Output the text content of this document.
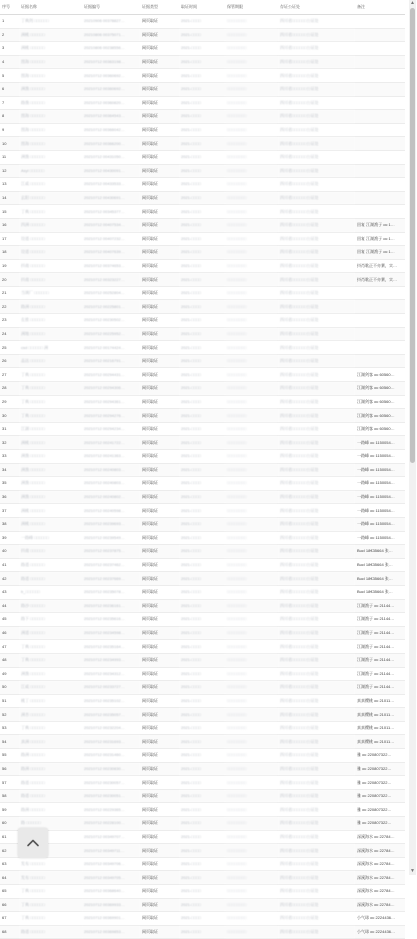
序号	证据名称	证据编号	证据类型	取证时间	保管期限	存证公证处	备注
1	丁典剑 □□□□□□	20210906 00378827…	网页取证	2021-□□□□	□□□□□□□□	四川省□□□□□□公证处	
2	洲桃 □□□□□□	20210806 00375071…	网页取证	2021-□□□□	□□□□□□□□	四川省□□□□□□公证处	
3	洲桃 □□□□□□	20210806 00238556…	网页取证	2021-□□□□	□□□□□□□□	四川省□□□□□□公证处	
4	图海 □□□□□□	20210712 00363198…	网页取证	2021-□□□□	□□□□□□□□	四川省□□□□□□公证处	
5	图海 □□□□□□	20210712 00360692…	网页取证	2021-□□□□	□□□□□□□□	四川省□□□□□□公证处	
6	洲渔 □□□□□□	20210712 00360692…	网页取证	2021-□□□□	□□□□□□□□	四川省□□□□□□公证处	
7	路渔 □□□□□□	20210712 00360820…	网页取证	2021-□□□□	□□□□□□□□	四川省□□□□□□公证处	
8	图海 □□□□□□	20210712 00364543…	网页取证	2021-□□□□	□□□□□□□□	四川省□□□□□□公证处	
9	图海 □□□□□□	20210712 00366042…	网页取证	2021-□□□□	□□□□□□□□	四川省□□□□□□公证处	
10	图海 □□□□□□	20210712 00366200…	网页取证	2021-□□□□	□□□□□□□□	四川省□□□□□□公证处	
11	洲渔 □□□□□□	20210712 00431050…	网页取证	2021-□□□□	□□□□□□□□	四川省□□□□□□公证处	
12	Asyl □□□□□□	20210712 00430091…	网页取证	2021-□□□□	□□□□□□□□	四川省□□□□□□公证处	
13	江咸 □□□□□□	20210712 00433533…	网页取证	2021-□□□□	□□□□□□□□	四川省□□□□□□公证处	
14	玄阳 □□□□□□	20210712 00430691…	网页取证	2021-□□□□	□□□□□□□□	四川省□□□□□□公证处	
15	丁典 □□□□□□	20210712 00345377…	网页取证	2021-□□□□	□□□□□□□□	四川省□□□□□□公证处	
16	四洲 □□□□□□	20210712 00407534…	网页取证	2021-□□□□	□□□□□□□□	四川省□□□□□□公证处	回复 江湖渔子 oc 1…
17	设道 □□□□□□	20210712 00407232…	网页取证	2021-□□□□	□□□□□□□□	四川省□□□□□□公证处	回复 江湖渔子 oc 1…
18	设道 □□□□□□	20210712 00407639…	网页取证	2021-□□□□	□□□□□□□□	四川省□□□□□□公证处	回复 江湖渔子 oc 1…
19	抖商 □□□□□□	20210712 00374653…	网页取证	2021-□□□□	□□□□□□□□	四川省□□□□□□公证处	抖肖歌正不亦赛，实…
20	抖商 □□□□□□	20210712 00323227…	网页取证	2021-□□□□	□□□□□□□□	四川省□□□□□□公证处	抖肖歌正不亦赛，实…
21	当调厂 □□□□□□	20210712 00252804…	网页取证	2021-□□□□	□□□□□□□□	四川省□□□□□□公证处	
22	路洲 □□□□□□	20210712 00225801…	网页取证	2021-□□□□	□□□□□□□□	四川省□□□□□□公证处	
23	在推 □□□□□□	20210712 00230502…	网页取证	2021-□□□□	□□□□□□□□	四川省□□□□□□公证处	
24	洲地 □□□□□□	20210712 00225952…	网页取证	2021-□□□□	□□□□□□□□	四川省□□□□□□公证处	
25	csd □□□□□□ 洲	20210712 00174424…	网页取证	2021-□□□□	□□□□□□□□	四川省□□□□□□公证处	
26	品达 □□□□□□	20210712 00216791…	网页取证	2021-□□□□	□□□□□□□□	四川省□□□□□□公证处	
27	丁典 □□□□□□	20210712 00294431…	网页取证	2021-□□□□	□□□□□□□□	四川省□□□□□□公证处	江湖剑客 oc 60560…
28	丁典 □□□□□□	20210712 00294306…	网页取证	2021-□□□□	□□□□□□□□	四川省□□□□□□公证处	江湖剑客 oc 60560…
29	丁典 □□□□□□	20210712 00294361…	网页取证	2021-□□□□	□□□□□□□□	四川省□□□□□□公证处	江湖剑客 oc 60560…
30	丁典 □□□□□□	20210712 00294276…	网页取证	2021-□□□□	□□□□□□□□	四川省□□□□□□公证处	江湖剑客 oc 60560…
31	江湖 □□□□□□	20210712 00294234…	网页取证	2021-□□□□	□□□□□□□□	四川省□□□□□□公证处	江湖剑客 oc 60560…
32	洲桃 □□□□□□	20210712 00241722…	网页取证	2021-□□□□	□□□□□□□□	四川省□□□□□□公证处	一路峰 oc 1150054…
33	洲渔 □□□□□□	20210712 00241363…	网页取证	2021-□□□□	□□□□□□□□	四川省□□□□□□公证处	一路峰 oc 1150054…
34	洲渔 □□□□□□	20210712 00240803…	网页取证	2021-□□□□	□□□□□□□□	四川省□□□□□□公证处	一路峰 oc 1150054…
35	洲渔 □□□□□□	20210712 00240803…	网页取证	2021-□□□□	□□□□□□□□	四川省□□□□□□公证处	一路峰 oc 1150054…
36	洲渔 □□□□□□	20210712 00240802…	网页取证	2021-□□□□	□□□□□□□□	四川省□□□□□□公证处	一路峰 oc 1150054…
37	洲桃 □□□□□□	20210712 00240598…	网页取证	2021-□□□□	□□□□□□□□	四川省□□□□□□公证处	一路峰 oc 1150054…
38	洲桃 □□□□□□	20210712 00239693…	网页取证	2021-□□□□	□□□□□□□□	四川省□□□□□□公证处	一路峰 oc 1150054…
39	一路峰 □□□□□□	20210712 00239549…	网页取证	2021-□□□□	□□□□□□□□	四川省□□□□□□公证处	一路峰 oc 1150054…
40	抖商 □□□□□□	20210712 00237875…	网页取证	2021-□□□□	□□□□□□□□	四川省□□□□□□公证处	Bucl 18€35664 张…
41	路道 □□□□□□	20210712 00237462…	网页取证	2021-□□□□	□□□□□□□□	四川省□□□□□□公证处	Bucl 18€35664 张…
42	路道 □□□□□□	20210712 00237669…	网页取证	2021-□□□□	□□□□□□□□	四川省□□□□□□公证处	Bucl 18€35664 张…
43	b_□□□□□□	20210712 00235078…	网页取证	2021-□□□□	□□□□□□□□	四川省□□□□□□公证处	Bucl 18€35664 张…
44	路沙 □□□□□□	20210712 00236161…	网页取证	2021-□□□□	□□□□□□□□	四川省□□□□□□公证处	江湖渔子 oc 21144…
45	路下 □□□□□□	20210712 00235616…	网页取证	2021-□□□□	□□□□□□□□	四川省□□□□□□公证处	江湖渔子 oc 21144…
46	洲道 □□□□□□	20210712 00234598…	网页取证	2021-□□□□	□□□□□□□□	四川省□□□□□□公证处	江湖渔子 oc 21144…
47	丁典 □□□□□□	20210712 00235164…	网页取证	2021-□□□□	□□□□□□□□	四川省□□□□□□公证处	江湖渔子 oc 21144…
48	丁典 □□□□□□	20210712 00234993…	网页取证	2021-□□□□	□□□□□□□□	四川省□□□□□□公证处	江湖渔子 oc 21144…
49	洲渔 □□□□□□	20210712 00234312…	网页取证	2021-□□□□	□□□□□□□□	四川省□□□□□□公证处	江湖渔子 oc 21144…
50	江咸 □□□□□□	20210712 00233727…	网页取证	2021-□□□□	□□□□□□□□	四川省□□□□□□公证处	江湖渔子 oc 21144…
51	桃丁 □□□□□□	20210712 00235102…	网页取证	2021-□□□□	□□□□□□□□	四川省□□□□□□公证处	真真樱桃 oc 21011…
52	洲杏 □□□□□□	20210712 00235057…	网页取证	2021-□□□□	□□□□□□□□	四川省□□□□□□公证处	真真樱桃 oc 21011…
53	丁典 □□□□□□	20210712 00232204…	网页取证	2021-□□□□	□□□□□□□□	四川省□□□□□□公证处	真真樱桃 oc 21011…
54	真洲 □□□□□□	20210712 00231693…	网页取证	2021-□□□□	□□□□□□□□	四川省□□□□□□公证处	真真樱桃 oc 21011…
55	路洲 □□□□□□	20210712 00231460…	网页取证	2021-□□□□	□□□□□□□□	四川省□□□□□□公证处	雅 oc 220807322…
56	路洲 □□□□□□	20210712 00230830…	网页取证	2021-□□□□	□□□□□□□□	四川省□□□□□□公证处	雅 oc 220807322…
57	路道 □□□□□□	20210712 00230057…	网页取证	2021-□□□□	□□□□□□□□	四川省□□□□□□公证处	雅 oc 220807322…
58	路道 □□□□□□	20210712 00230051…	网页取证	2021-□□□□	□□□□□□□□	四川省□□□□□□公证处	雅 oc 220807322…
59	路洲 □□□□□□	20210712 00229365…	网页取证	2021-□□□□	□□□□□□□□	四川省□□□□□□公证处	雅 oc 220807322…
60	路 □□□□□□	20210712 00228100…	网页取证	2021-□□□□	□□□□□□□□	四川省□□□□□□公证处	雅 oc 220807322…
61		20210712 00349707…	网页取证	2021-□□□□	□□□□□□□□	四川省□□□□□□公证处	深溪海水 oc 22784…
62		20210712 00349711…	网页取证	2021-□□□□	□□□□□□□□	四川省□□□□□□公证处	深溪海水 oc 22784…
63	发布 □□□□□□	20210712 00349706…	网页取证	2021-□□□□	□□□□□□□□	四川省□□□□□□公证处	深溪海水 oc 22784…
64	发布 □□□□□□	20210712 00349705…	网页取证	2021-□□□□	□□□□□□□□	四川省□□□□□□公证处	深溪海水 oc 22784…
65	丁典 □□□□□□	20210712 00368640…	网页取证	2021-□□□□	□□□□□□□□	四川省□□□□□□公证处	深溪海水 oc 22784…
66	丁典 □□□□□□	20210712 00369933…	网页取证	2021-□□□□	□□□□□□□□	四川省□□□□□□公证处	深溪海水 oc 22784…
67	丁典 □□□□□□	20210712 00369901…	网页取证	2021-□□□□	□□□□□□□□	四川省□□□□□□公证处	小气球 oc 2224436…
68	路道 □□□□□□	20210712 00369853…	网页取证	2021-□□□□	□□□□□□□□	四川省□□□□□□公证处	小气球 oc 2224436…
▲
▼
